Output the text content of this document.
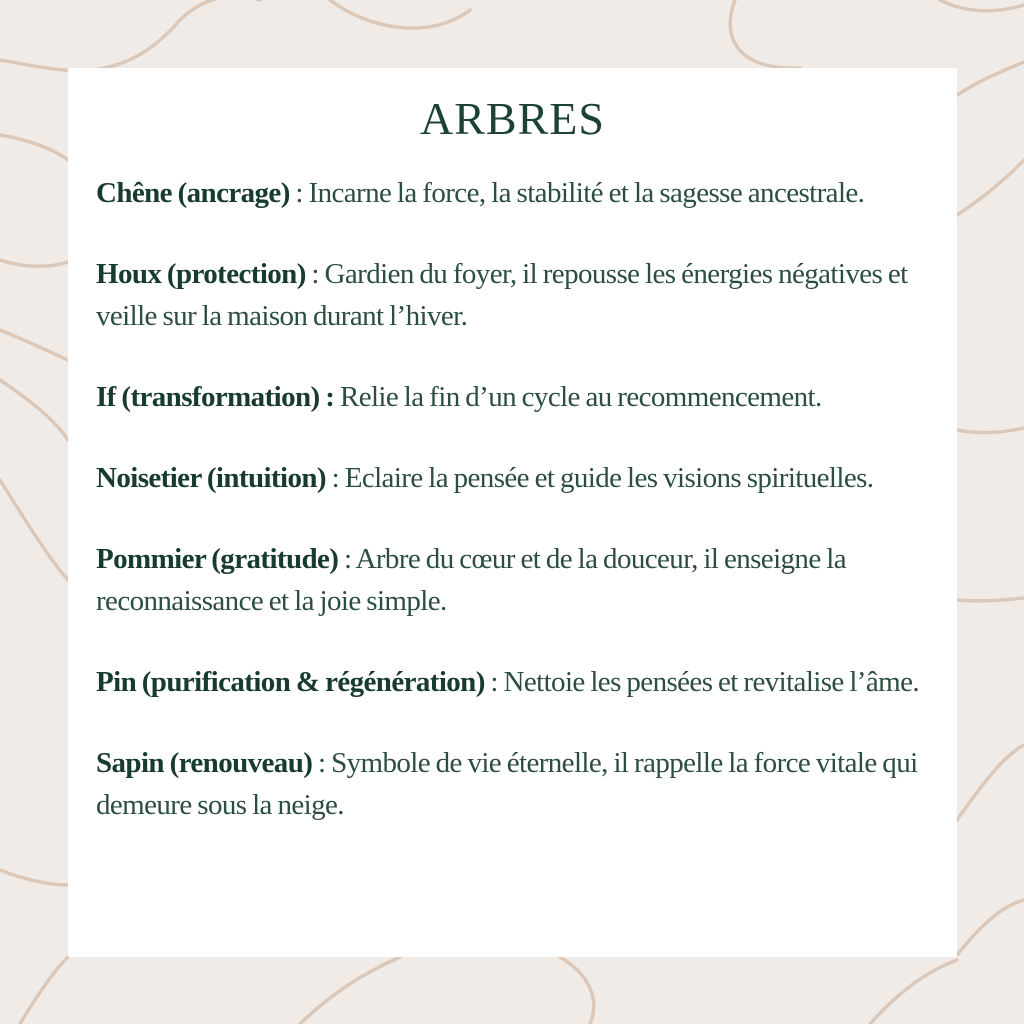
ARBRES
Chêne (ancrage) : Incarne la force, la stabilité et la sagesse ancestrale.
Houx (protection) : Gardien du foyer, il repousse les énergies négatives et veille sur la maison durant l’hiver.
If (transformation) : Relie la fin d’un cycle au recommencement.
Noisetier (intuition) : Eclaire la pensée et guide les visions spirituelles.
Pommier (gratitude) : Arbre du cœur et de la douceur, il enseigne la reconnaissance et la joie simple.
Pin (purification & régénération) : Nettoie les pensées et revitalise l’âme.
Sapin (renouveau) : Symbole de vie éternelle, il rappelle la force vitale qui demeure sous la neige.
